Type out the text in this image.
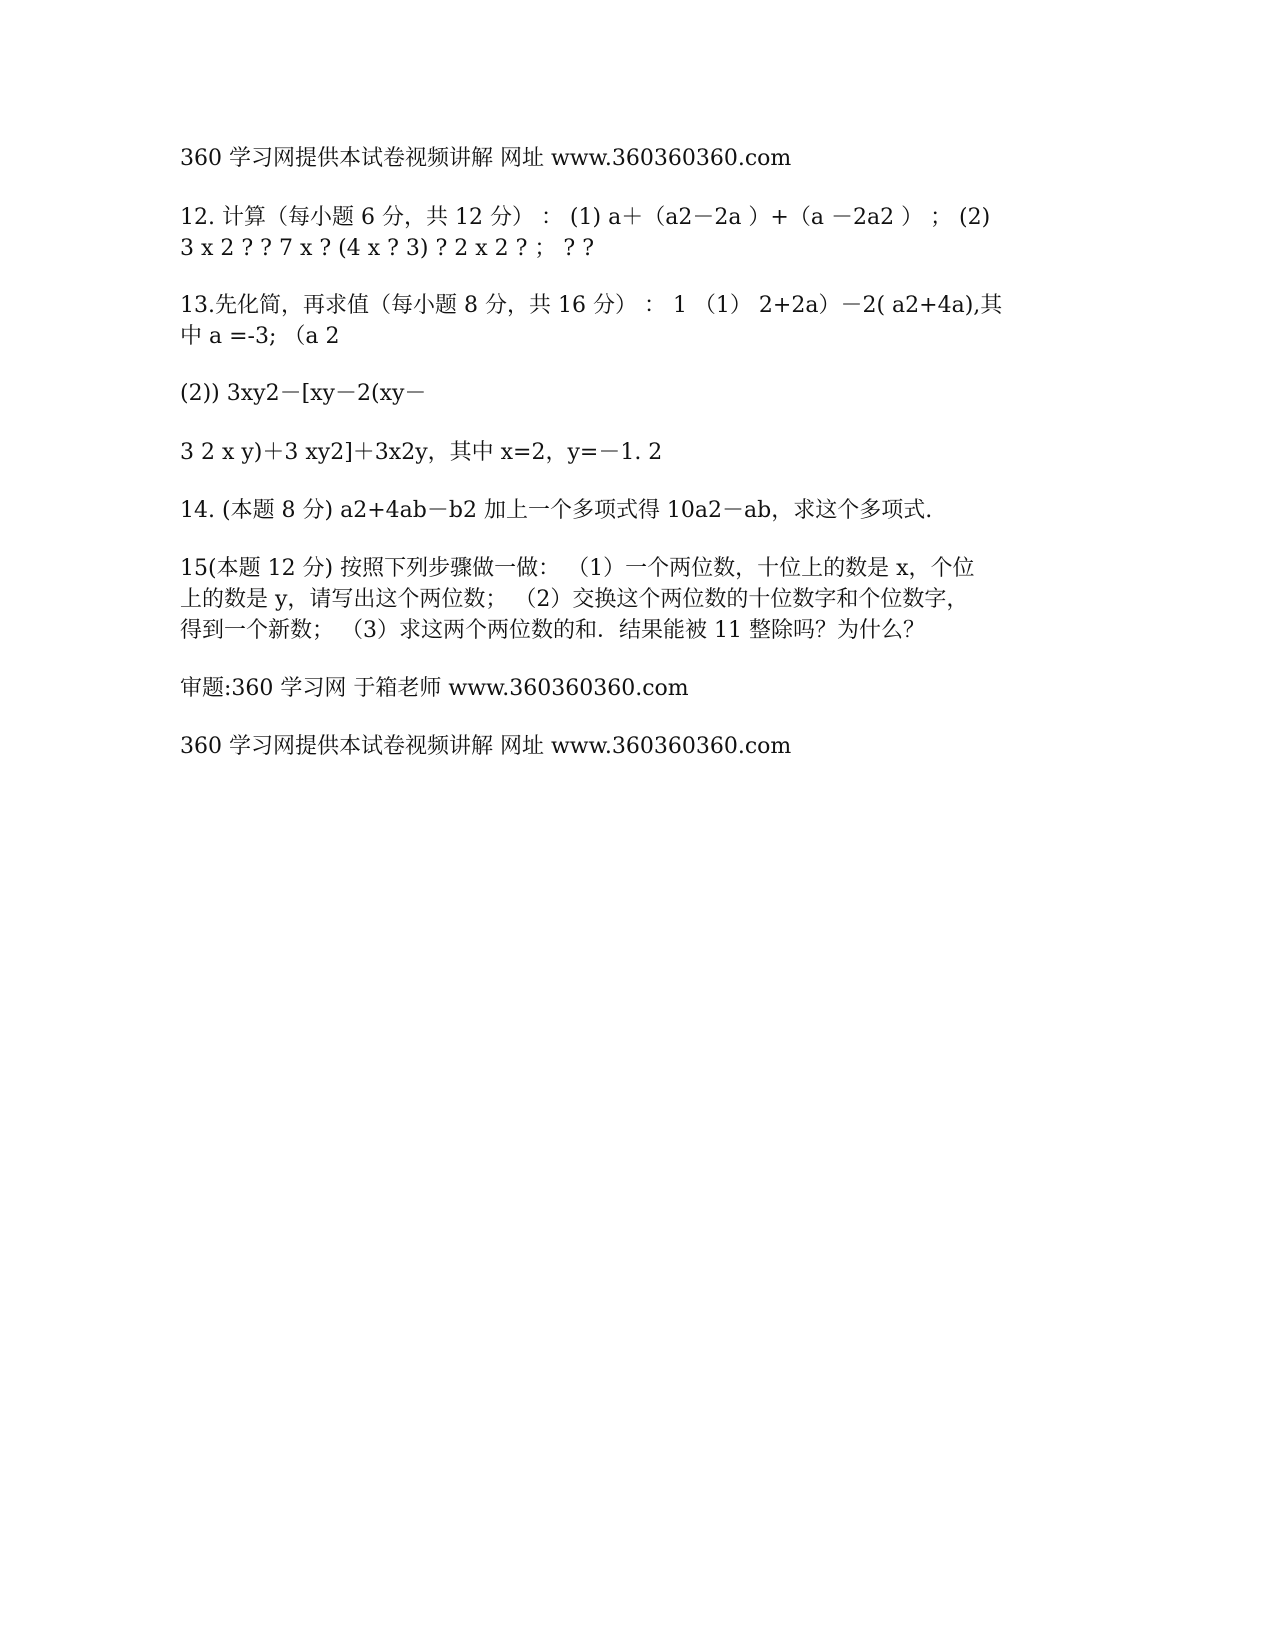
360 学习网提供本试卷视频讲解 网址 www.360360360.com
12. 计算（每小题 6 分，共 12 分） ： (1) a＋（a2－2a ）+（a －2a2 ） ； (2)
3 x 2 ? ? 7 x ? (4 x ? 3) ? 2 x 2 ? ； ? ?
13.先化简，再求值（每小题 8 分，共 16 分） ： 1 （1） 2+2a）－2( a2+4a),其
中 a =-3; （a 2
(2)) 3xy2－[xy－2(xy－
3 2 x y)＋3 xy2]＋3x2y，其中 x=2，y=－1. 2
14. (本题 8 分) a2+4ab－b2 加上一个多项式得 10a2－ab，求这个多项式.
15(本题 12 分) 按照下列步骤做一做： （1）一个两位数，十位上的数是 x，个位
上的数是 y，请写出这个两位数； （2）交换这个两位数的十位数字和个位数字，
得到一个新数； （3）求这两个两位数的和．结果能被 11 整除吗？为什么？
审题:360 学习网 于箱老师 www.360360360.com
360 学习网提供本试卷视频讲解 网址 www.360360360.com
